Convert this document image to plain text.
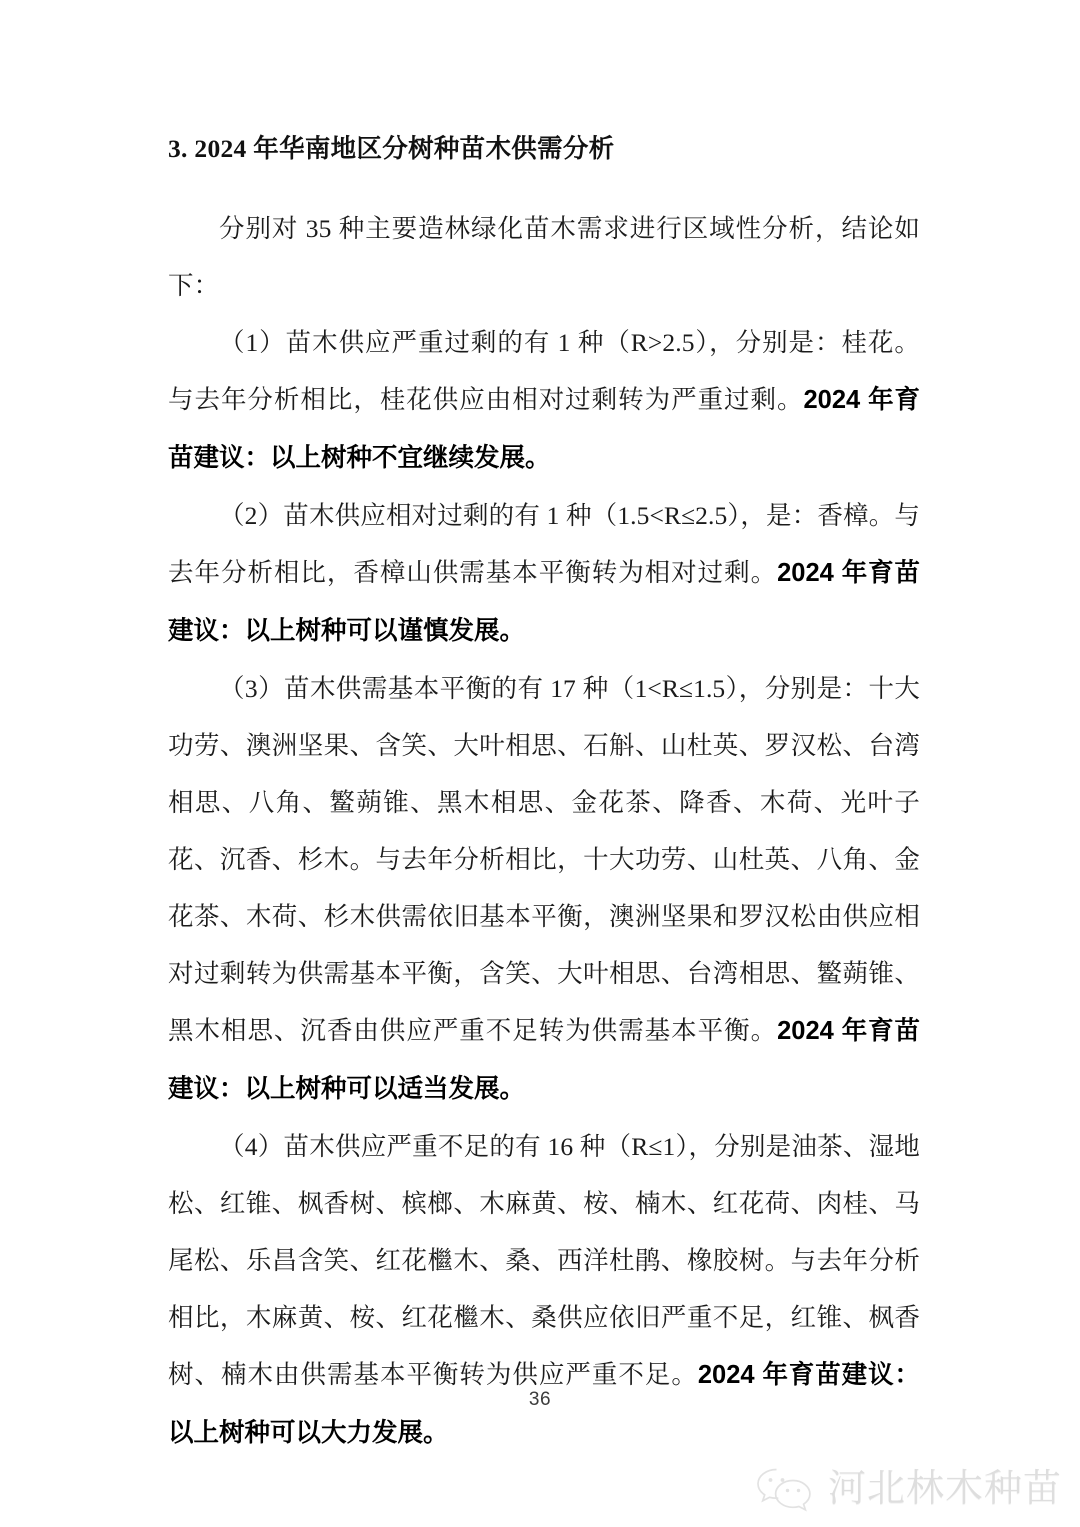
3. 2024 年华南地区分树种苗木供需分析

分别对 35 种主要造林绿化苗木需求进行区域性分析，结论如下：

（1）苗木供应严重过剩的有 1 种（R>2.5），分别是：桂花。与去年分析相比，桂花供应由相对过剩转为严重过剩。2024 年育苗建议：以上树种不宜继续发展。

（2）苗木供应相对过剩的有 1 种（1.5<R≤2.5），是：香樟。与去年分析相比，香樟山供需基本平衡转为相对过剩。2024 年育苗建议：以上树种可以谨慎发展。

（3）苗木供需基本平衡的有 17 种（1<R≤1.5），分别是：十大功劳、澳洲坚果、含笑、大叶相思、石斛、山杜英、罗汉松、台湾相思、八角、鳘蒴锥、黑木相思、金花茶、降香、木荷、光叶子花、沉香、杉木。与去年分析相比，十大功劳、山杜英、八角、金花茶、木荷、杉木供需依旧基本平衡，澳洲坚果和罗汉松由供应相对过剩转为供需基本平衡，含笑、大叶相思、台湾相思、鳘蒴锥、黑木相思、沉香由供应严重不足转为供需基本平衡。2024 年育苗建议：以上树种可以适当发展。

（4）苗木供应严重不足的有 16 种（R≤1），分别是油茶、湿地松、红锥、枫香树、槟榔、木麻黄、桉、楠木、红花荷、肉桂、马尾松、乐昌含笑、红花檵木、桑、西洋杜鹃、橡胶树。与去年分析相比，木麻黄、桉、红花檵木、桑供应依旧严重不足，红锥、枫香树、楠木由供需基本平衡转为供应严重不足。2024 年育苗建议：以上树种可以大力发展。

36
河北林木种苗
